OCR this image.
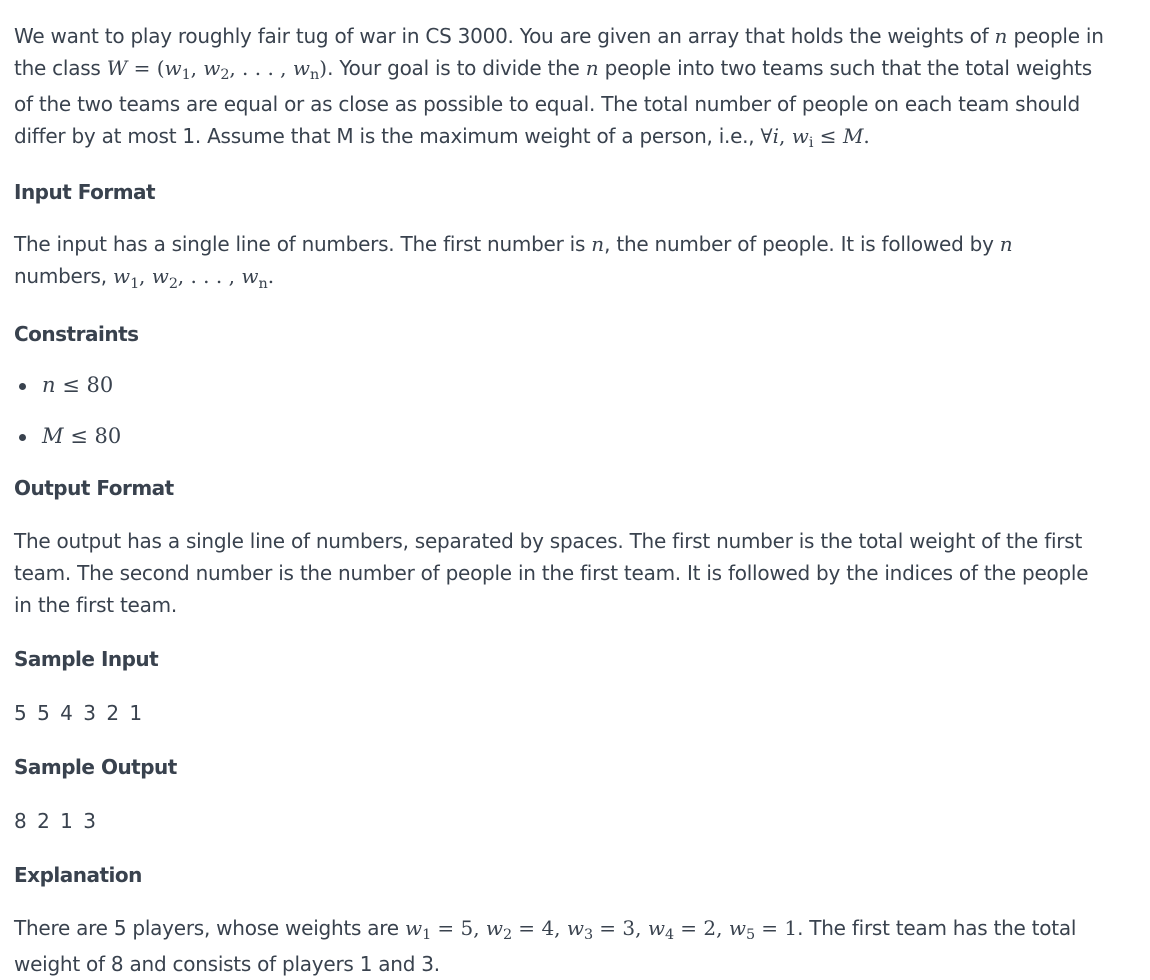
We want to play roughly fair tug of war in CS 3000. You are given an array that holds the weights of n people in the class $W = (w_1$, $w_2$, . . . , $w_n$). Your goal is to divide the n people into two teams such that the total weights of the two teams are equal or as close as possible to equal. The total number of people on each team should differ by at most 1. Assume that M is the maximum weight of a person, i.e., ∀i, $w_i \le M$.

Input Format

The input has a single line of numbers. The first number is n, the number of people. It is followed by n numbers, $w_1$, $w_2$, . . . , $w_n$.

Constraints
n ≤ 80
M ≤ 80
Output Format

The output has a single line of numbers, separated by spaces. The first number is the total weight of the first team. The second number is the number of people in the first team. It is followed by the indices of the people in the first team.

Sample Input

5 5 4 3 2 1

Sample Output

8 2 1 3

Explanation

There are 5 players, whose weights are $w_1 = 5$, $w_2 = 4$, $w_3 = 3$, $w_4 = 2$, $w_5 = 1$. The first team has the total weight of 8 and consists of players 1 and 3.
